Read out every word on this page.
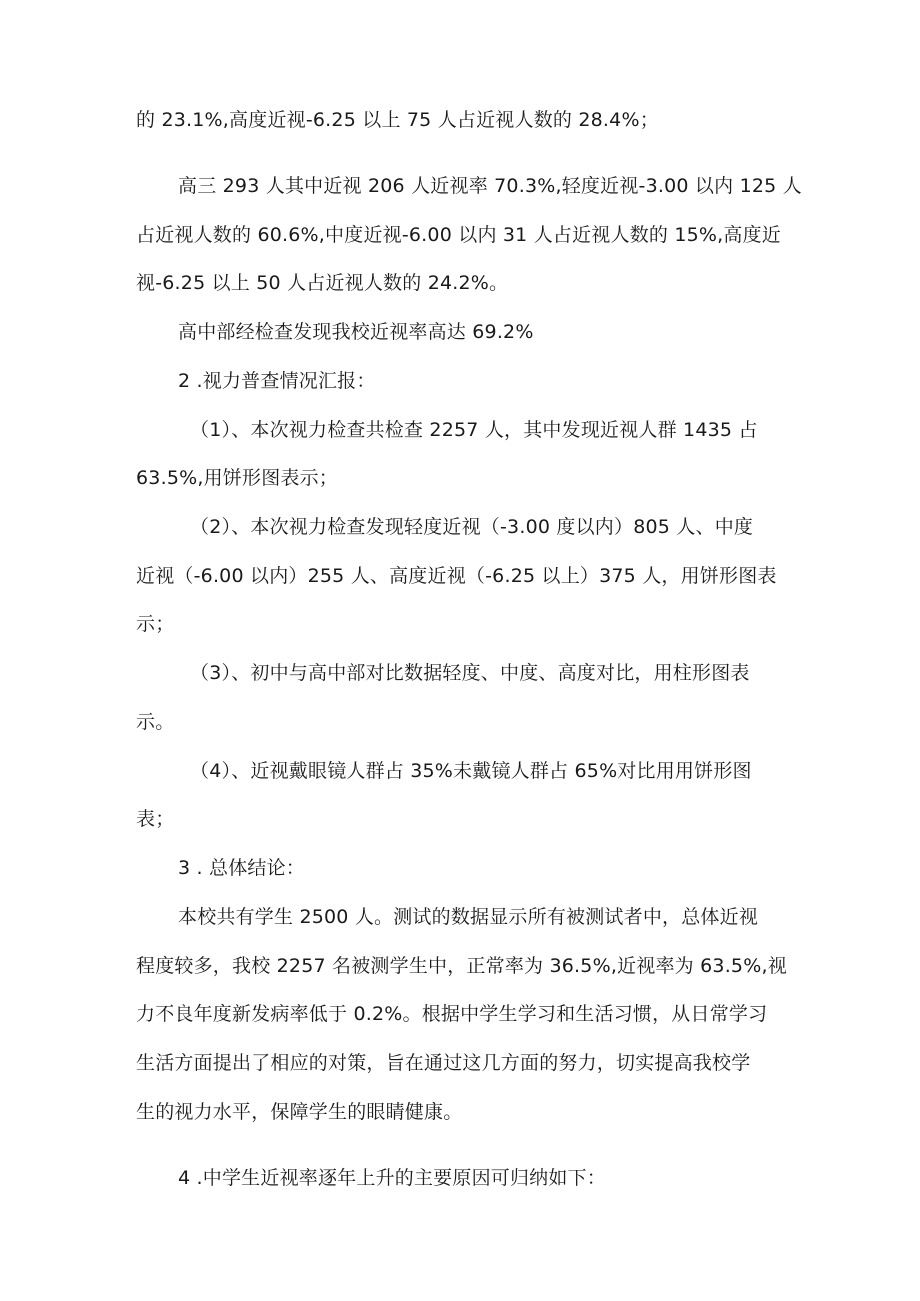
的 23.1%,高度近视-6.25 以上 75 人占近视人数的 28.4%；
高三 293 人其中近视 206 人近视率 70.3%,轻度近视-3.00 以内 125 人
占近视人数的 60.6%,中度近视-6.00 以内 31 人占近视人数的 15%,高度近
视-6.25 以上 50 人占近视人数的 24.2%。
高中部经检查发现我校近视率高达 69.2%
2 .视力普查情况汇报：
（1）、本次视力检查共检查 2257 人，其中发现近视人群 1435 占
63.5%,用饼形图表示；
（2）、本次视力检查发现轻度近视（-3.00 度以内）805 人、中度
近视（-6.00 以内）255 人、高度近视（-6.25 以上）375 人，用饼形图表
示；
（3）、初中与高中部对比数据轻度、中度、高度对比，用柱形图表
示。
（4）、近视戴眼镜人群占 35%未戴镜人群占 65%对比用用饼形图
表；
3 . 总体结论：
本校共有学生 2500 人。测试的数据显示所有被测试者中，总体近视
程度较多，我校 2257 名被测学生中，正常率为 36.5%,近视率为 63.5%,视
力不良年度新发病率低于 0.2%。根据中学生学习和生活习惯，从日常学习
生活方面提出了相应的对策，旨在通过这几方面的努力，切实提高我校学
生的视力水平，保障学生的眼睛健康。
4 .中学生近视率逐年上升的主要原因可归纳如下：
